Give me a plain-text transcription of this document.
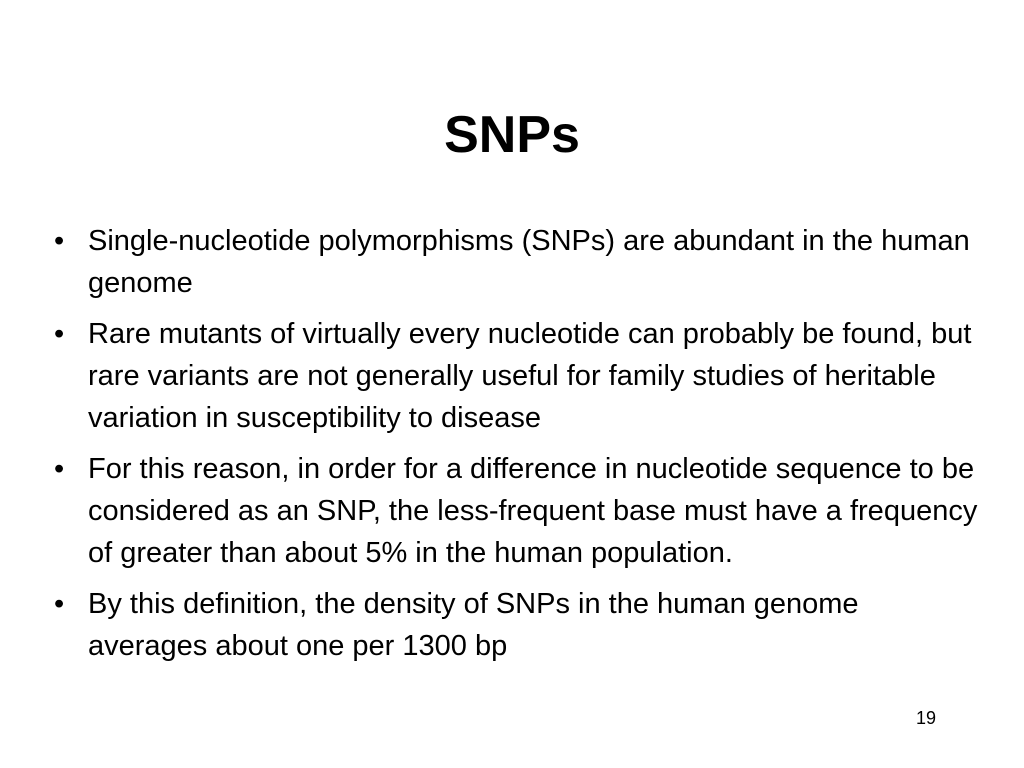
SNPs
• Single-nucleotide polymorphisms (SNPs) are abundant in the human genome
• Rare mutants of virtually every nucleotide can probably be found, but rare variants are not generally useful for family studies of heritable variation in susceptibility to disease
• For this reason, in order for a difference in nucleotide sequence to be considered as an SNP, the less-frequent base must have a frequency of greater than about 5% in the human population.
• By this definition, the density of SNPs in the human genome averages about one per 1300 bp
19
